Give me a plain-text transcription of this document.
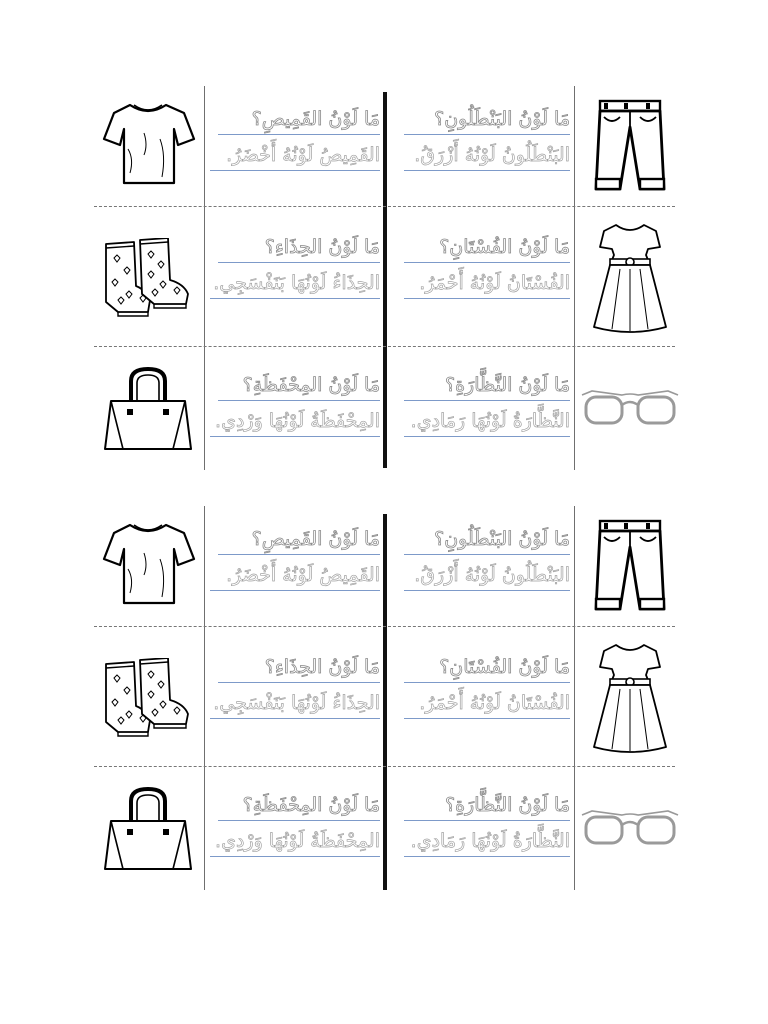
مَا لَوْنُ القَمِيصِ؟
القَمِيصُ لَوْنُهُ أَخْضَرُ.
مَا لَوْنُ البَنْطَلُونِ؟
البَنْطَلُونُ لَوْنُهُ أَزْرَقُ.
مَا لَوْنُ الحِذَاءِ؟
الحِذَاءُ لَوْنُهَا بَنَفْسَجِي.
مَا لَوْنُ الفُسْتَانِ؟
الفُسْتَانُ لَوْنُهُ أَحْمَرُ.
مَا لَوْنُ المِحْفَظَةِ؟
المِحْفَظَةُ لَوْنُهَا وَرْدِي.
مَا لَوْنُ النَّظَّارَةِ؟
النَّظَّارَةُ لَوْنُهَا رَمَادِي.
مَا لَوْنُ القَمِيصِ؟
القَمِيصُ لَوْنُهُ أَخْضَرُ.
مَا لَوْنُ البَنْطَلُونِ؟
البَنْطَلُونُ لَوْنُهُ أَزْرَقُ.
مَا لَوْنُ الحِذَاءِ؟
الحِذَاءُ لَوْنُهَا بَنَفْسَجِي.
مَا لَوْنُ الفُسْتَانِ؟
الفُسْتَانُ لَوْنُهُ أَحْمَرُ.
مَا لَوْنُ المِحْفَظَةِ؟
المِحْفَظَةُ لَوْنُهَا وَرْدِي.
مَا لَوْنُ النَّظَّارَةِ؟
النَّظَّارَةُ لَوْنُهَا رَمَادِي.
